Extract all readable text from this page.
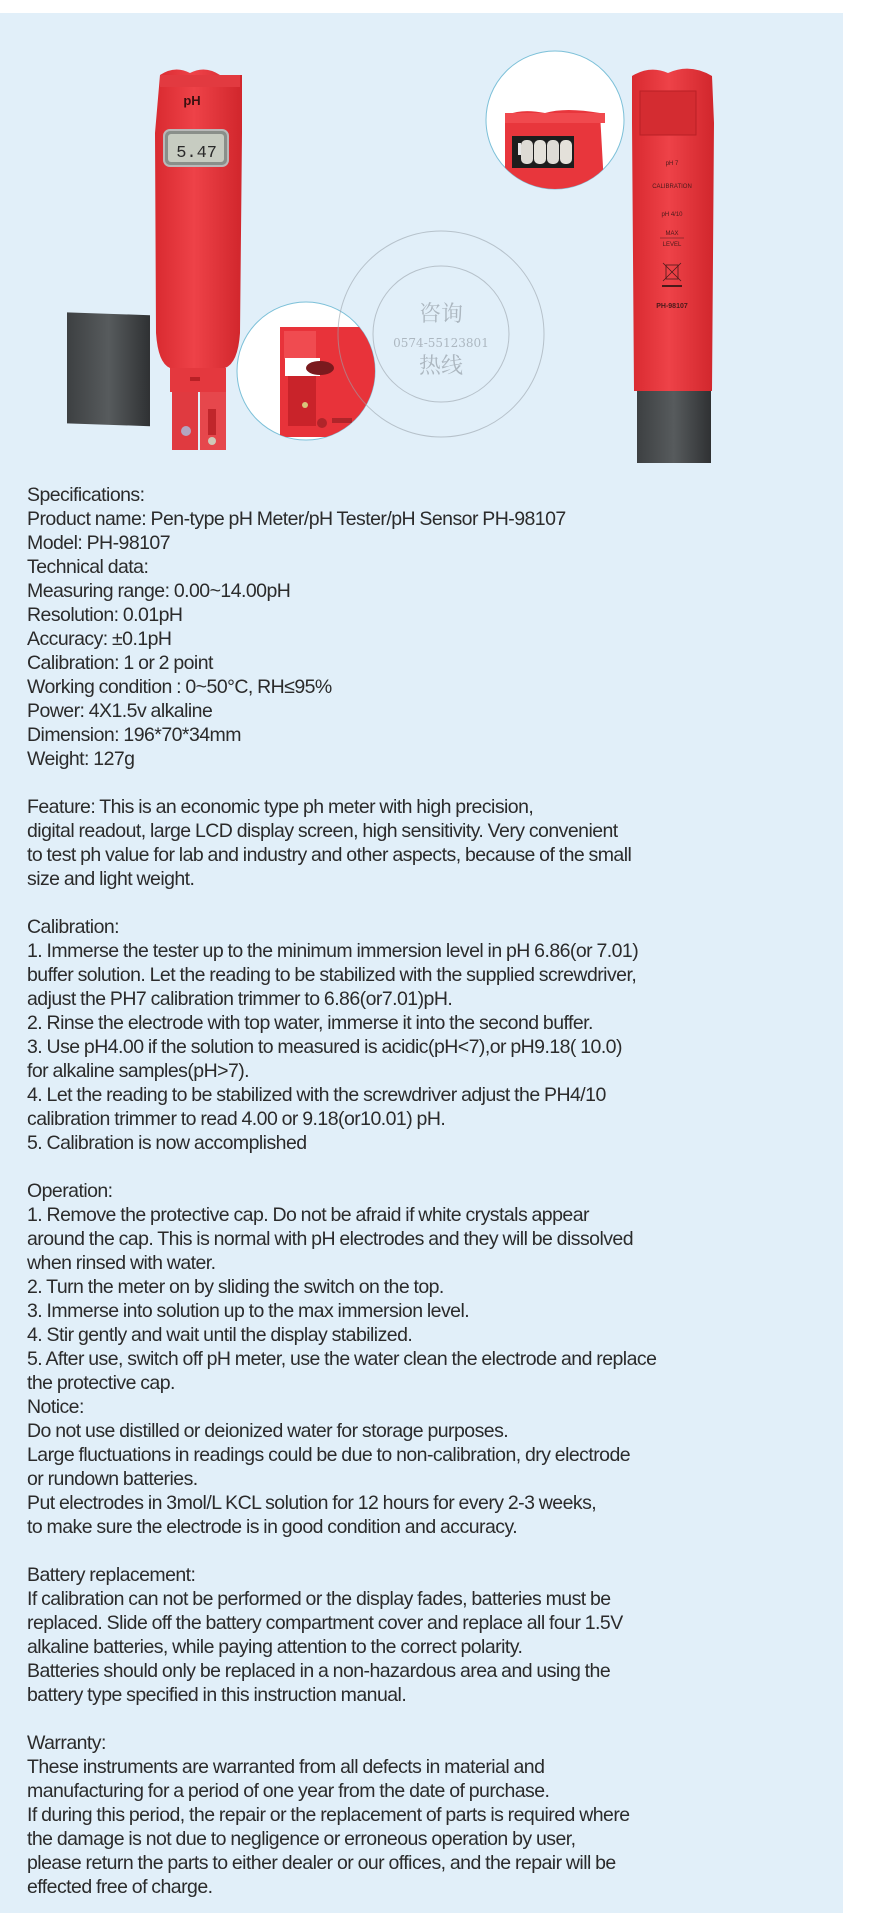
pH
5.47
咨询
0574-55123801
热线
pH 7
CALIBRATION
pH 4/10
MAX
LEVEL
PH-98107
Specifications:
Product name: Pen-type pH Meter/pH Tester/pH Sensor PH-98107
Model: PH-98107
Technical data:
Measuring range: 0.00~14.00pH
Resolution: 0.01pH
Accuracy: ±0.1pH
Calibration: 1 or 2 point
Working condition : 0~50°C, RH≤95%
Power: 4X1.5v alkaline
Dimension: 196*70*34mm
Weight: 127g
Feature: This is an economic type ph meter with high precision,
digital readout, large LCD display screen, high sensitivity. Very convenient
to test ph value for lab and industry and other aspects, because of the small
size and light weight.
Calibration:
1. Immerse the tester up to the minimum immersion level in pH 6.86(or 7.01)
buffer solution. Let the reading to be stabilized with the supplied screwdriver,
adjust the PH7 calibration trimmer to 6.86(or7.01)pH.
2. Rinse the electrode with top water, immerse it into the second buffer.
3. Use pH4.00 if the solution to measured is acidic(pH<7),or pH9.18( 10.0)
for alkaline samples(pH>7).
4. Let the reading to be stabilized with the screwdriver adjust the PH4/10
calibration trimmer to read 4.00 or 9.18(or10.01) pH.
5. Calibration is now accomplished
Operation:
1. Remove the protective cap. Do not be afraid if white crystals appear
around the cap. This is normal with pH electrodes and they will be dissolved
when rinsed with water.
2. Turn the meter on by sliding the switch on the top.
3. Immerse into solution up to the max immersion level.
4. Stir gently and wait until the display stabilized.
5. After use, switch off pH meter, use the water clean the electrode and replace
the protective cap.
Notice:
Do not use distilled or deionized water for storage purposes.
Large fluctuations in readings could be due to non-calibration, dry electrode
or rundown batteries.
Put electrodes in 3mol/L KCL solution for 12 hours for every 2-3 weeks,
to make sure the electrode is in good condition and accuracy.
Battery replacement:
If calibration can not be performed or the display fades, batteries must be
replaced. Slide off the battery compartment cover and replace all four 1.5V
alkaline batteries, while paying attention to the correct polarity.
Batteries should only be replaced in a non-hazardous area and using the
battery type specified in this instruction manual.
Warranty:
These instruments are warranted from all defects in material and
manufacturing for a period of one year from the date of purchase.
If during this period, the repair or the replacement of parts is required where
the damage is not due to negligence or erroneous operation by user,
please return the parts to either dealer or our offices, and the repair will be
effected free of charge.
